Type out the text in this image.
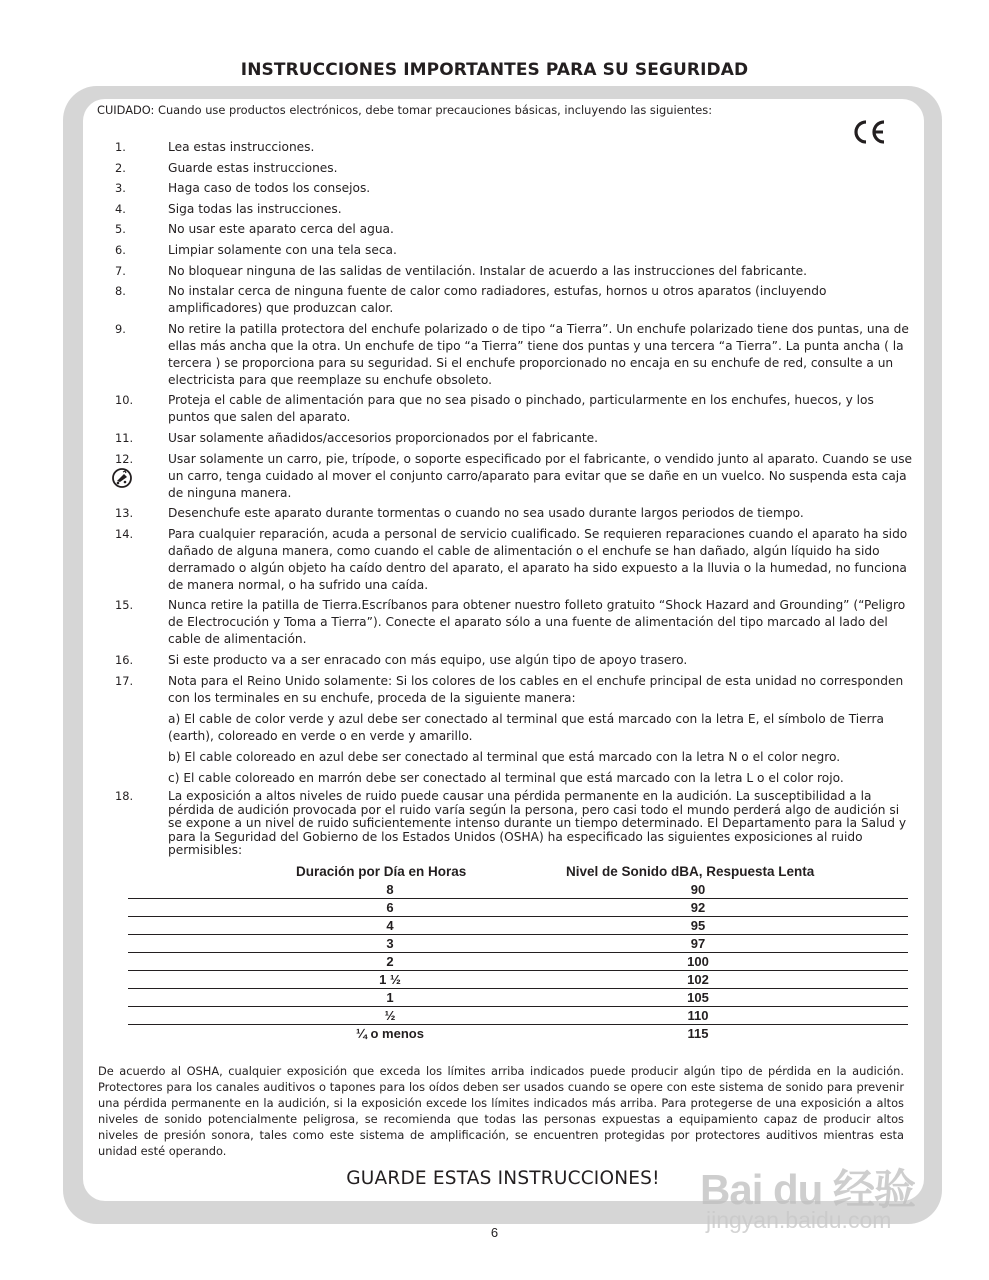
INSTRUCCIONES IMPORTANTES PARA SU SEGURIDAD

CUIDADO: Cuando use productos electrónicos, debe tomar precauciones básicas, incluyendo las siguientes:

1.	Lea estas instrucciones.
2.	Guarde estas instrucciones.
3.	Haga caso de todos los consejos.
4.	Siga todas las instrucciones.
5.	No usar este aparato cerca del agua.
6.	Limpiar solamente con una tela seca.
7.	No bloquear ninguna de las salidas de ventilación. Instalar de acuerdo a las instrucciones del fabricante.
8.	No instalar cerca de ninguna fuente de calor como radiadores, estufas, hornos u otros aparatos (incluyendo amplificadores) que produzcan calor.
9.	No retire la patilla protectora del enchufe polarizado o de tipo “a Tierra”. Un enchufe polarizado tiene dos puntas, una de ellas más ancha que la otra. Un enchufe de tipo “a Tierra” tiene dos puntas y una tercera “a Tierra”. La punta ancha ( la tercera ) se proporciona para su seguridad. Si el enchufe proporcionado no encaja en su enchufe de red, consulte a un electricista para que reemplaze su enchufe obsoleto.
10.	Proteja el cable de alimentación para que no sea pisado o pinchado, particularmente en los enchufes, huecos, y los puntos que salen del aparato.
11.	Usar solamente añadidos/accesorios proporcionados por el fabricante.
12.	Usar solamente un carro, pie, trípode, o soporte especificado por el fabricante, o vendido junto al aparato. Cuando se use un carro, tenga cuidado al mover el conjunto carro/aparato para evitar que se dañe en un vuelco. No suspenda esta caja de ninguna manera.
13.	Desenchufe este aparato durante tormentas o cuando no sea usado durante largos periodos de tiempo.
14.	Para cualquier reparación, acuda a personal de servicio cualificado. Se requieren reparaciones cuando el aparato ha sido dañado de alguna manera, como cuando el cable de alimentación o el enchufe se han dañado, algún líquido ha sido derramado o algún objeto ha caído dentro del aparato, el aparato ha sido expuesto a la lluvia o la humedad, no funciona de manera normal, o ha sufrido una caída.
15.	Nunca retire la patilla de Tierra.Escríbanos para obtener nuestro folleto gratuito “Shock Hazard and Grounding” (“Peligro de Electrocución y Toma a Tierra”). Conecte el aparato sólo a una fuente de alimentación del tipo marcado al lado del cable de alimentación.
16.	Si este producto va a ser enracado con más equipo, use algún tipo de apoyo trasero.
17.	Nota para el Reino Unido solamente: Si los colores de los cables en el enchufe principal de esta unidad no corresponden con los terminales en su enchufe, proceda de la siguiente manera:
a) El cable de color verde y azul debe ser conectado al terminal que está marcado con la letra E, el símbolo de Tierra (earth), coloreado en verde o en verde y amarillo.
b) El cable coloreado en azul debe ser conectado al terminal que está marcado con la letra N o el color negro.
c) El cable coloreado en marrón debe ser conectado al terminal que está marcado con la letra L o el color rojo.
18.	La exposición a altos niveles de ruido puede causar una pérdida permanente en la audición. La susceptibilidad a la pérdida de audición provocada por el ruido varía según la persona, pero casi todo el mundo perderá algo de audición si se expone a un nivel de ruido suficientemente intenso durante un tiempo determinado. El Departamento para la Salud y para la Seguridad del Gobierno de los Estados Unidos (OSHA) ha especificado las siguientes exposiciones al ruido permisibles:

Duración por Día en Horas	Nivel de Sonido dBA, Respuesta Lenta

8	90
6	92
4	95
3	97
2	100
1 ½	102
1	105
½	110
¼ o menos	115

De acuerdo al OSHA, cualquier exposición que exceda los límites arriba indicados puede producir algún tipo de pérdida en la audición. Protectores para los canales auditivos o tapones para los oídos deben ser usados cuando se opere con este sistema de sonido para prevenir una pérdida permanente en la audición, si la exposición excede los límites indicados más arriba. Para protegerse de una exposición a altos niveles de sonido potencialmente peligrosa, se recomienda que todas las personas expuestas a equipamiento capaz de producir altos niveles de presión sonora, tales como este sistema de amplificación, se encuentren protegidas por protectores auditivos mientras esta unidad esté operando.

GUARDE ESTAS INSTRUCCIONES! Bai du 经验
jingyan.baidu.com
6
